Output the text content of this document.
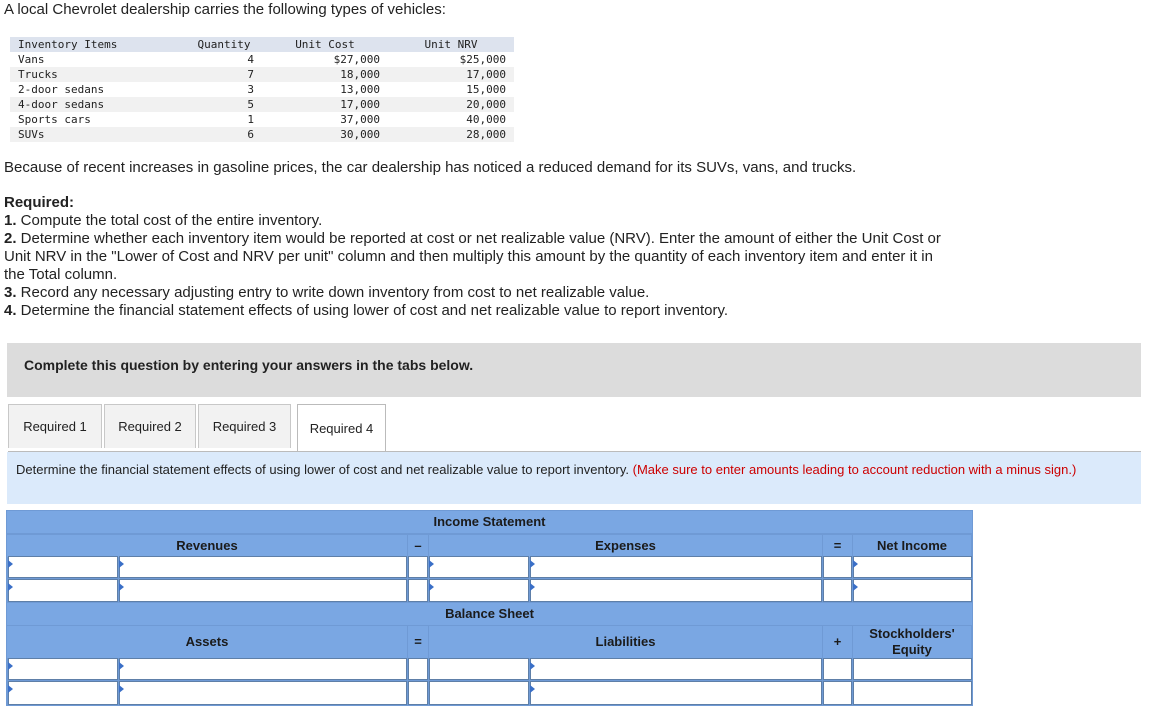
A local Chevrolet dealership carries the following types of vehicles:
Inventory Items	Quantity	Unit Cost	Unit NRV
Vans	4	$27,000	$25,000
Trucks	7	18,000	17,000
2-door sedans	3	13,000	15,000
4-door sedans	5	17,000	20,000
Sports cars	1	37,000	40,000
SUVs	6	30,000	28,000
Because of recent increases in gasoline prices, the car dealership has noticed a reduced demand for its SUVs, vans, and trucks.
Required:
1. Compute the total cost of the entire inventory.
2. Determine whether each inventory item would be reported at cost or net realizable value (NRV). Enter the amount of either the Unit Cost or Unit NRV in the "Lower of Cost and NRV per unit" column and then multiply this amount by the quantity of each inventory item and enter it in the Total column.
3. Record any necessary adjusting entry to write down inventory from cost to net realizable value.
4. Determine the financial statement effects of using lower of cost and net realizable value to report inventory.
Complete this question by entering your answers in the tabs below.
Required 1	Required 2	Required 3	Required 4

Determine the financial statement effects of using lower of cost and net realizable value to report inventory. (Make sure to enter amounts leading to account reduction with a minus sign.)

Income Statement
Revenues	–	Expenses	=	Net Income
Balance Sheet
Assets	=	Liabilities	+
Stockholders' Equity
